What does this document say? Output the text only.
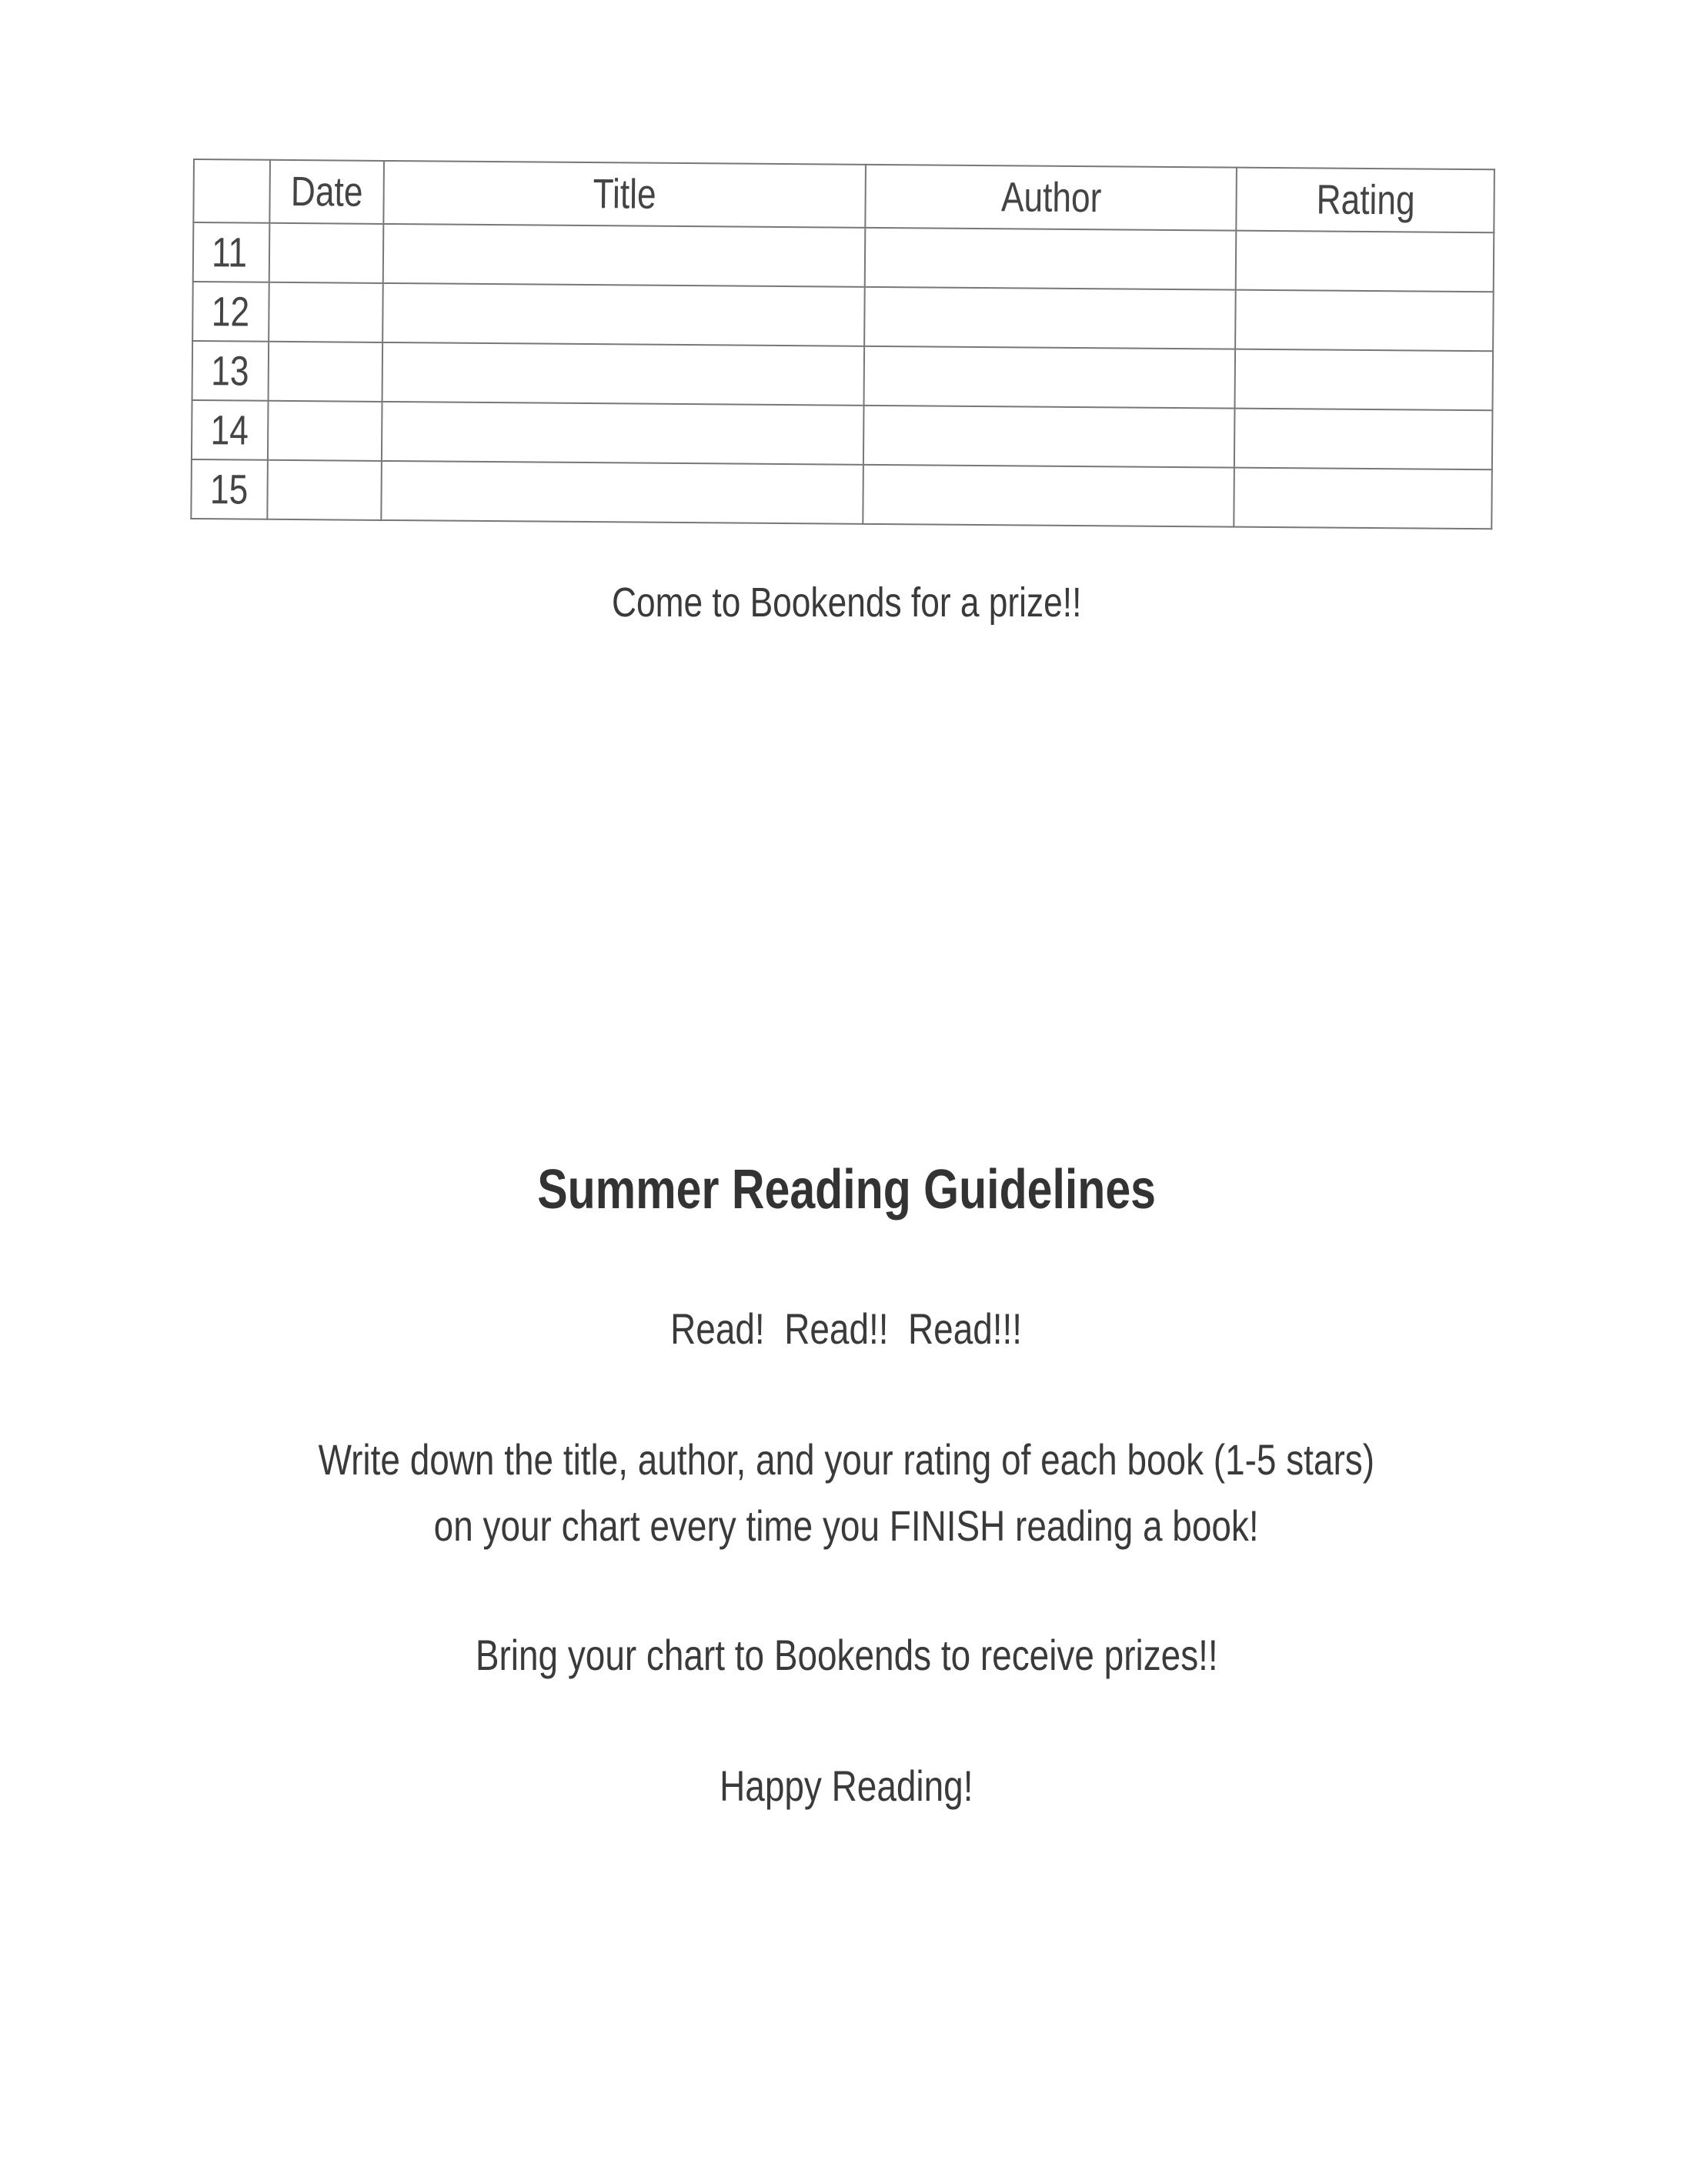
	Date	Title	Author	Rating
11				
12				
13				
14				
15				
Come to Bookends for a prize!!
Summer Reading Guidelines
Read!  Read!!  Read!!!
Write down the title, author, and your rating of each book (1-5 stars)
on your chart every time you FINISH reading a book!
Bring your chart to Bookends to receive prizes!!
Happy Reading!
